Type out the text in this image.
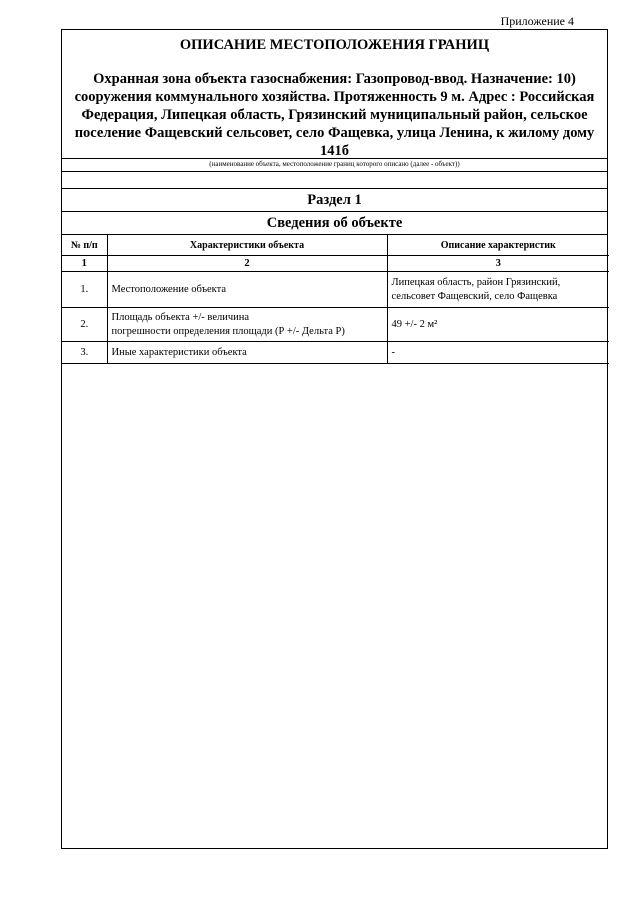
Приложение 4
ОПИСАНИЕ МЕСТОПОЛОЖЕНИЯ ГРАНИЦ
Охранная зона объекта газоснабжения: Газопровод-ввод. Назначение: 10) сооружения коммунального хозяйства. Протяженность 9 м. Адрес : Российская Федерация, Липецкая область, Грязинский муниципальный район, сельское поселение Фащевский сельсовет, село Фащевка, улица Ленина, к жилому дому 141б
(наименование объекта, местоположение границ которого описано (далее - объект))
Раздел 1
Сведения об объекте
№ п/п	Характеристики объекта	Описание характеристик
1	2	3
1.	Местоположение объекта	Липецкая область, район Грязинский,
сельсовет Фащевский, село Фащевка

2.	Площадь объекта +/- величина
погрешности определения площади (Р +/- Дельта Р)	49 +/- 2 м²
3.	Иные характеристики объекта	-
